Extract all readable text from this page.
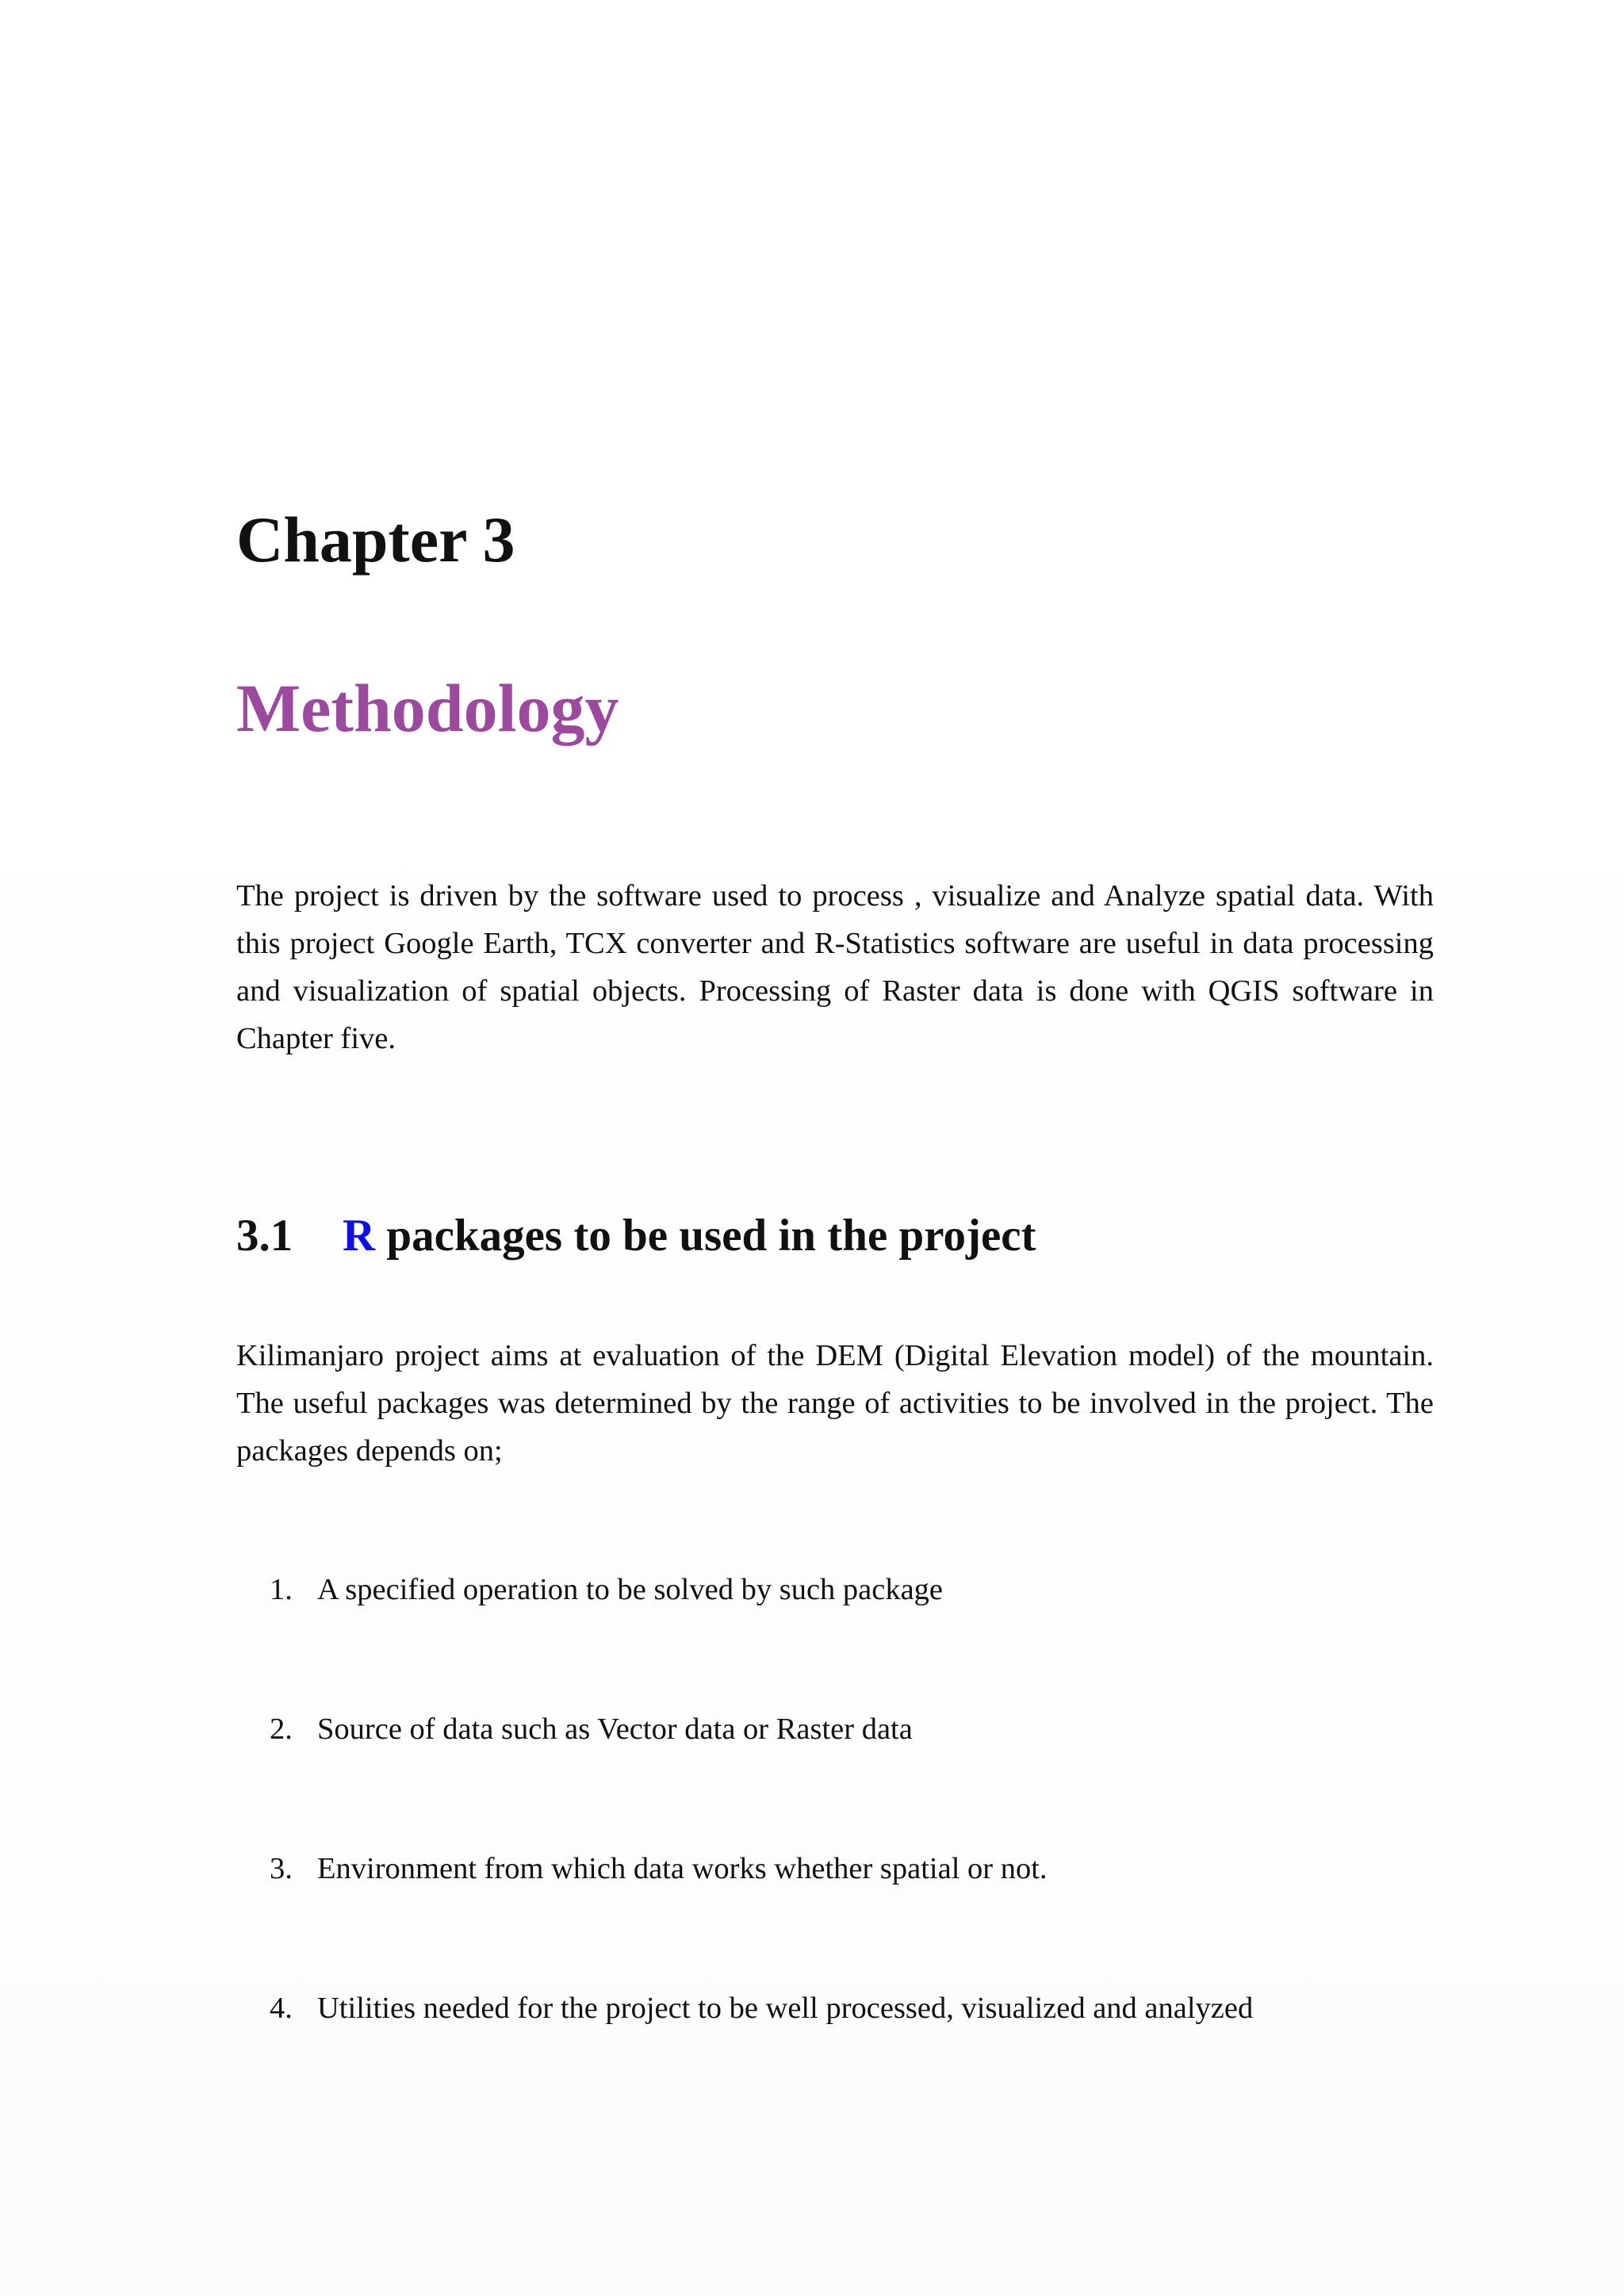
Chapter 3
Methodology

The project is driven by the software used to process , visualize and Analyze spatial data. With this project Google Earth, TCX converter and R-Statistics software are useful in data processing and visualization of spatial objects. Processing of Raster data is done with QGIS software in Chapter five.

3.1 R packages to be used in the project

Kilimanjaro project aims at evaluation of the DEM (Digital Elevation model) of the mountain. The useful packages was determined by the range of activities to be involved in the project. The packages depends on;

1. A specified operation to be solved by such package
2. Source of data such as Vector data or Raster data
3. Environment from which data works whether spatial or not.
4. Utilities needed for the project to be well processed, visualized and analyzed
